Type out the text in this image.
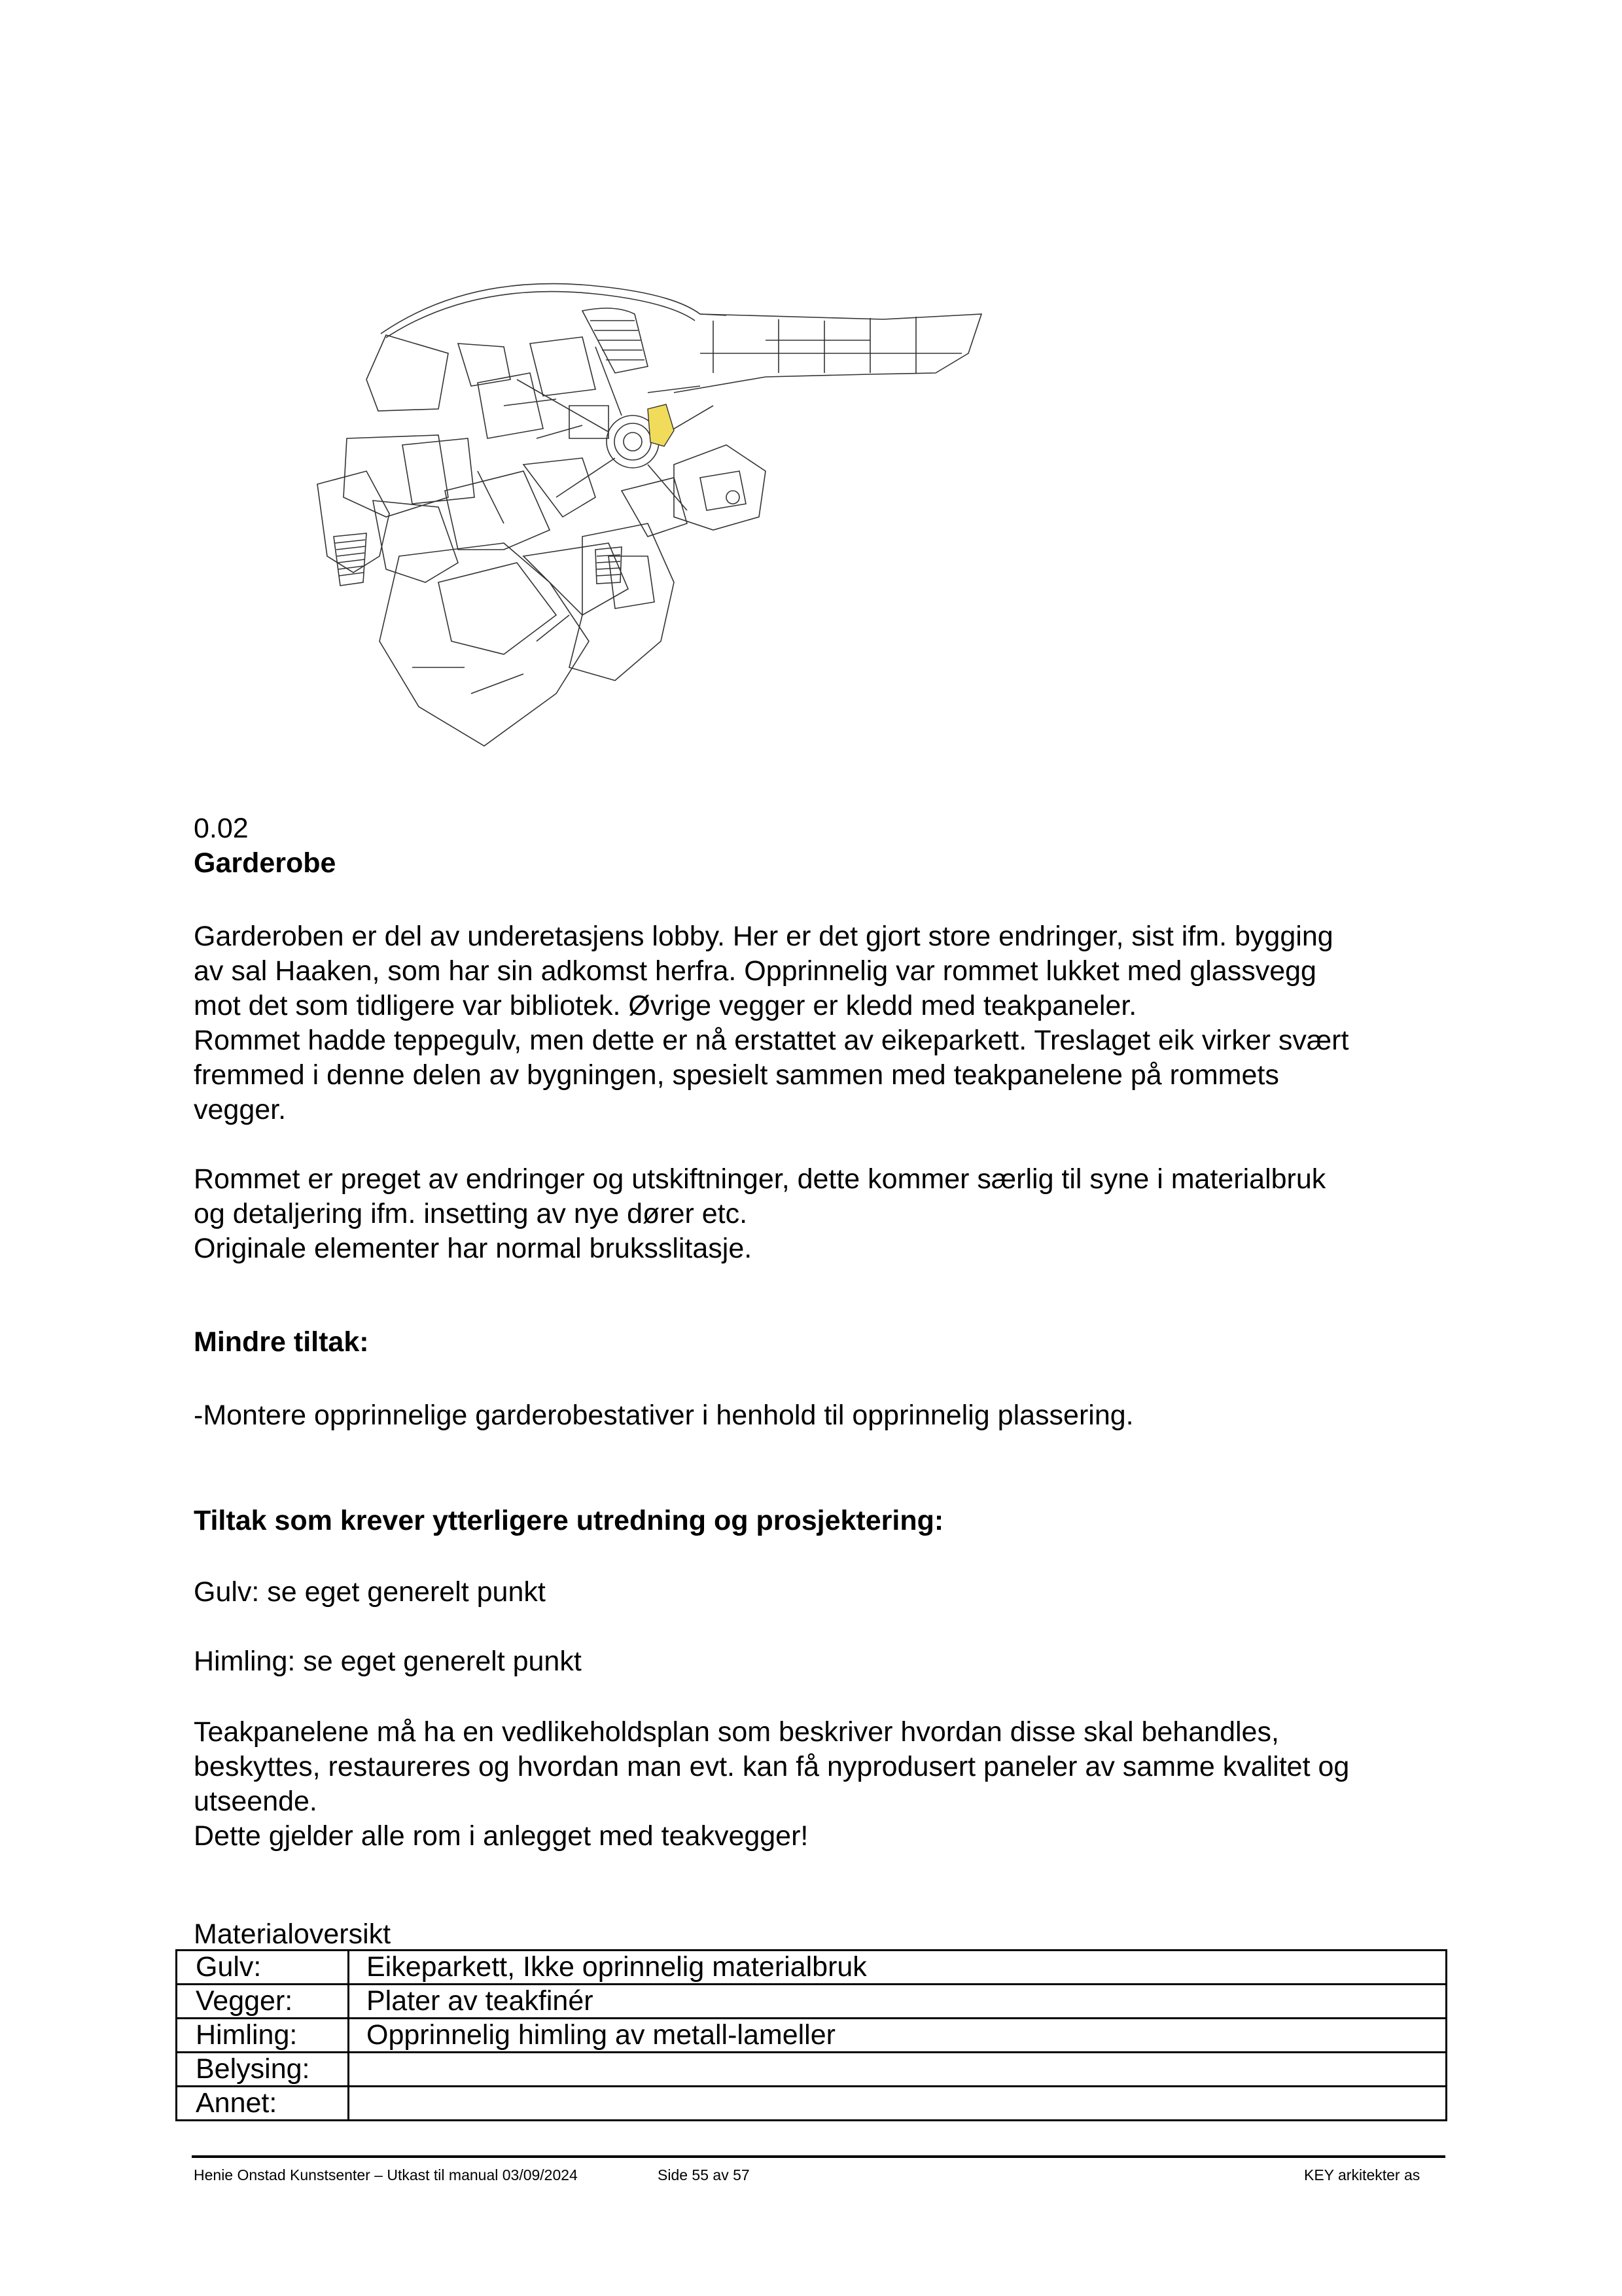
0.02
Garderobe

Garderoben er del av underetasjens lobby. Her er det gjort store endringer, sist ifm. bygging

av sal Haaken, som har sin adkomst herfra. Opprinnelig var rommet lukket med glassvegg

mot det som tidligere var bibliotek. Øvrige vegger er kledd med teakpaneler.

Rommet hadde teppegulv, men dette er nå erstattet av eikeparkett. Treslaget eik virker svært

fremmed i denne delen av bygningen, spesielt sammen med teakpanelene på rommets

vegger.

Rommet er preget av endringer og utskiftninger, dette kommer særlig til syne i materialbruk

og detaljering ifm. insetting av nye dører etc.

Originale elementer har normal bruksslitasje.

Mindre tiltak:
-Montere opprinnelige garderobestativer i henhold til opprinnelig plassering.
Tiltak som krever ytterligere utredning og prosjektering:
Gulv: se eget generelt punkt
Himling: se eget generelt punkt

Teakpanelene må ha en vedlikeholdsplan som beskriver hvordan disse skal behandles,

beskyttes, restaureres og hvordan man evt. kan få nyprodusert paneler av samme kvalitet og

utseende.

Dette gjelder alle rom i anlegget med teakvegger!

Materialoversikt
Gulv:	Eikeparkett, Ikke oprinnelig materialbruk
Vegger:	Plater av teakfinér
Himling:	Opprinnelig himling av metall-lameller
Belysing:	
Annet:	
Henie Onstad Kunstsenter – Utkast til manual 03/09/2024	Side 55 av 57	KEY arkitekter as
